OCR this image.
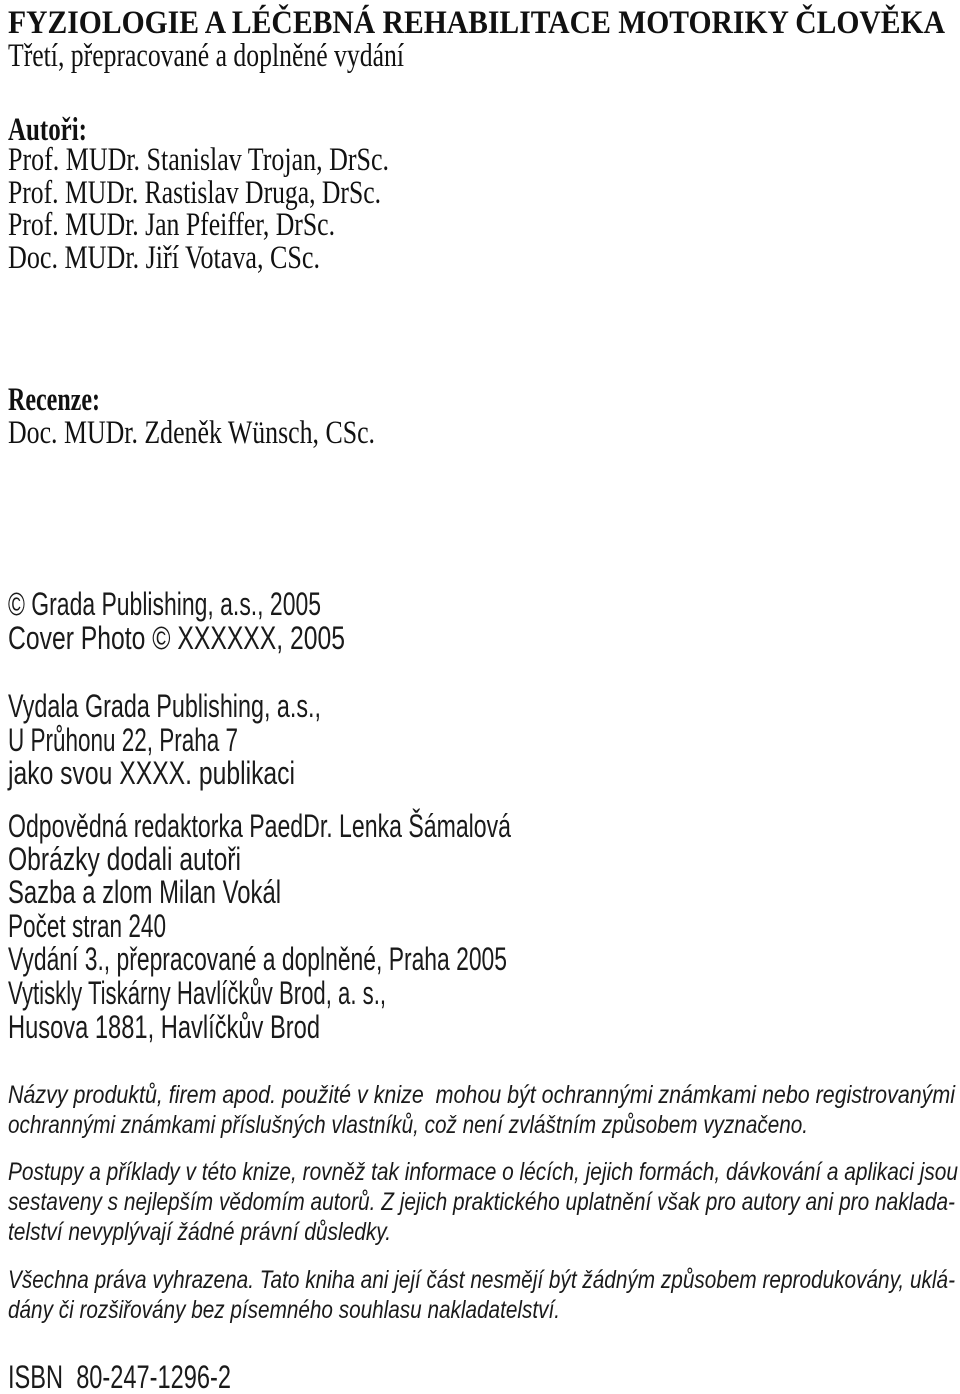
FYZIOLOGIE A LÉČEBNÁ REHABILITACE MOTORIKY ČLOVĚKA
Třetí, přepracované a doplněné vydání
Autoři:
Prof. MUDr. Stanislav Trojan, DrSc.
Prof. MUDr. Rastislav Druga, DrSc.
Prof. MUDr. Jan Pfeiffer, DrSc.
Doc. MUDr. Jiří Votava, CSc.
Recenze:
Doc. MUDr. Zdeněk Wünsch, CSc.
© Grada Publishing, a.s., 2005
Cover Photo © XXXXXX, 2005
Vydala Grada Publishing, a.s.,
U Průhonu 22, Praha 7
jako svou XXXX. publikaci
Odpovědná redaktorka PaedDr. Lenka Šámalová
Obrázky dodali autoři
Sazba a zlom Milan Vokál
Počet stran 240
Vydání 3., přepracované a doplněné, Praha 2005
Vytiskly Tiskárny Havlíčkův Brod, a. s.,
Husova 1881, Havlíčkův Brod
Názvy produktů, firem apod. použité v knize  mohou být ochrannými známkami nebo registrovanými
ochrannými známkami příslušných vlastníků, což není zvláštním způsobem vyznačeno.
Postupy a příklady v této knize, rovněž tak informace o lécích, jejich formách, dávkování a aplikaci jsou
sestaveny s nejlepším vědomím autorů. Z jejich praktického uplatnění však pro autory ani pro naklada-
telství nevyplývají žádné právní důsledky.
Všechna práva vyhrazena. Tato kniha ani její část nesmějí být žádným způsobem reprodukovány, uklá-
dány či rozšiřovány bez písemného souhlasu nakladatelství.
ISBN  80-247-1296-2
